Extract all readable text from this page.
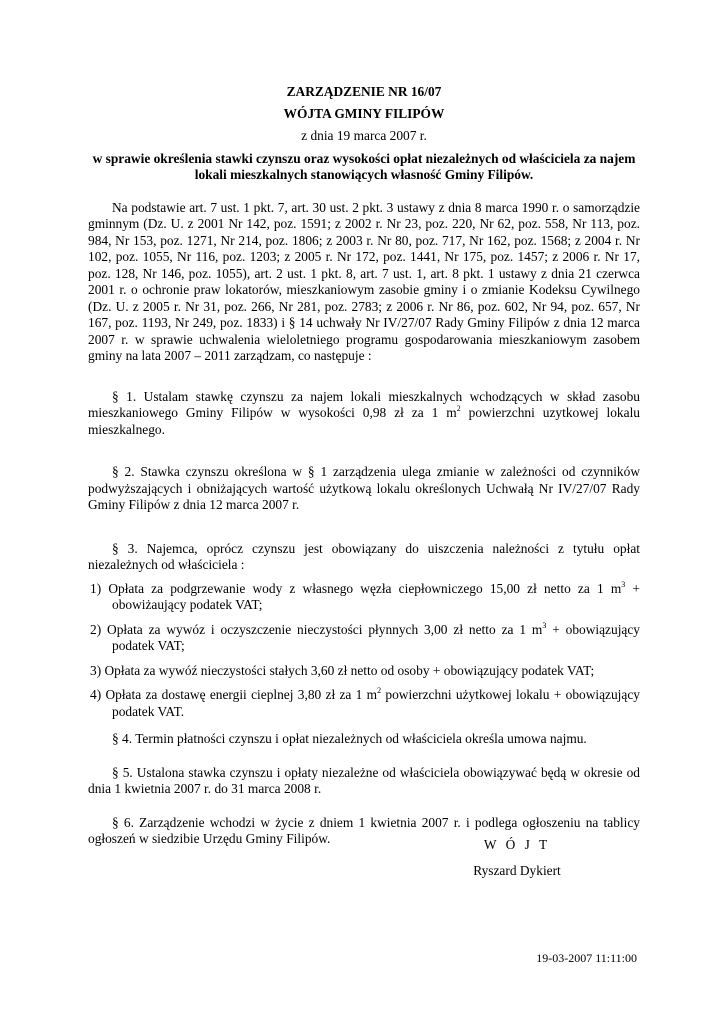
ZARZĄDZENIE NR 16/07

WÓJTA GMINY FILIPÓW

z dnia 19 marca 2007 r.

w sprawie określenia stawki czynszu oraz wysokości opłat niezależnych od właściciela za najem lokali mieszkalnych stanowiących własność Gminy Filipów.

Na podstawie art. 7 ust. 1 pkt. 7, art. 30 ust. 2 pkt. 3 ustawy z dnia 8 marca 1990 r. o samorządzie gminnym (Dz. U. z 2001 Nr 142, poz. 1591; z 2002 r. Nr 23, poz. 220, Nr 62, poz. 558, Nr 113, poz. 984, Nr 153, poz. 1271, Nr 214, poz. 1806; z 2003 r. Nr 80, poz. 717, Nr 162, poz. 1568; z 2004 r. Nr 102, poz. 1055, Nr 116, poz. 1203; z 2005 r. Nr 172, poz. 1441, Nr 175, poz. 1457; z 2006 r. Nr 17, poz. 128, Nr 146, poz. 1055), art. 2 ust. 1 pkt. 8, art. 7 ust. 1, art. 8 pkt. 1 ustawy z dnia 21 czerwca 2001 r. o ochronie praw lokatorów, mieszkaniowym zasobie gminy i o zmianie Kodeksu Cywilnego (Dz. U. z 2005 r. Nr 31, poz. 266, Nr 281, poz. 2783; z 2006 r. Nr 86, poz. 602, Nr 94, poz. 657, Nr 167, poz. 1193, Nr 249, poz. 1833) i § 14 uchwały Nr IV/27/07 Rady Gminy Filipów z dnia 12 marca 2007 r. w sprawie uchwalenia wieloletniego programu gospodarowania mieszkaniowym zasobem gminy na lata 2007 – 2011 zarządzam, co następuje :

§ 1. Ustalam stawkę czynszu za najem lokali mieszkalnych wchodzących w skład zasobu mieszkaniowego Gminy Filipów w wysokości 0,98 zł za 1 $m^2$ powierzchni uzytkowej lokalu mieszkalnego.

§ 2. Stawka czynszu określona w § 1 zarządzenia ulega zmianie w zależności od czynników podwyższających i obniżających wartość użytkową lokalu określonych Uchwałą Nr IV/27/07 Rady Gminy Filipów z dnia 12 marca 2007 r.

§ 3. Najemca, oprócz czynszu jest obowiązany do uiszczenia należności z tytułu opłat niezależnych od właściciela :

1) Opłata za podgrzewanie wody z własnego węzła ciepłowniczego 15,00 zł netto za 1 $m^3$ + obowiżaujący podatek VAT;

2) Opłata za wywóz i oczyszczenie nieczystości płynnych 3,00 zł netto za 1 $m^3$ + obowiązujący podatek VAT;

3) Opłata za wywóź nieczystości stałych 3,60 zł netto od osoby + obowiązujący podatek VAT;

4) Opłata za dostawę energii cieplnej 3,80 zł za 1 $m^2$ powierzchni użytkowej lokalu + obowiązujący podatek VAT.

§ 4. Termin płatności czynszu i opłat niezależnych od właściciela określa umowa najmu.

§ 5. Ustalona stawka czynszu i opłaty niezależne od właściciela obowiązywać będą w okresie od dnia 1 kwietnia 2007 r. do 31 marca 2008 r.

§ 6. Zarządzenie wchodzi w życie z dniem 1 kwietnia 2007 r. i podlega ogłoszeniu na tablicy ogłoszeń w siedzibie Urzędu Gminy Filipów.	W Ó J T
Ryszard Dykiert
19-03-2007 11:11:00
